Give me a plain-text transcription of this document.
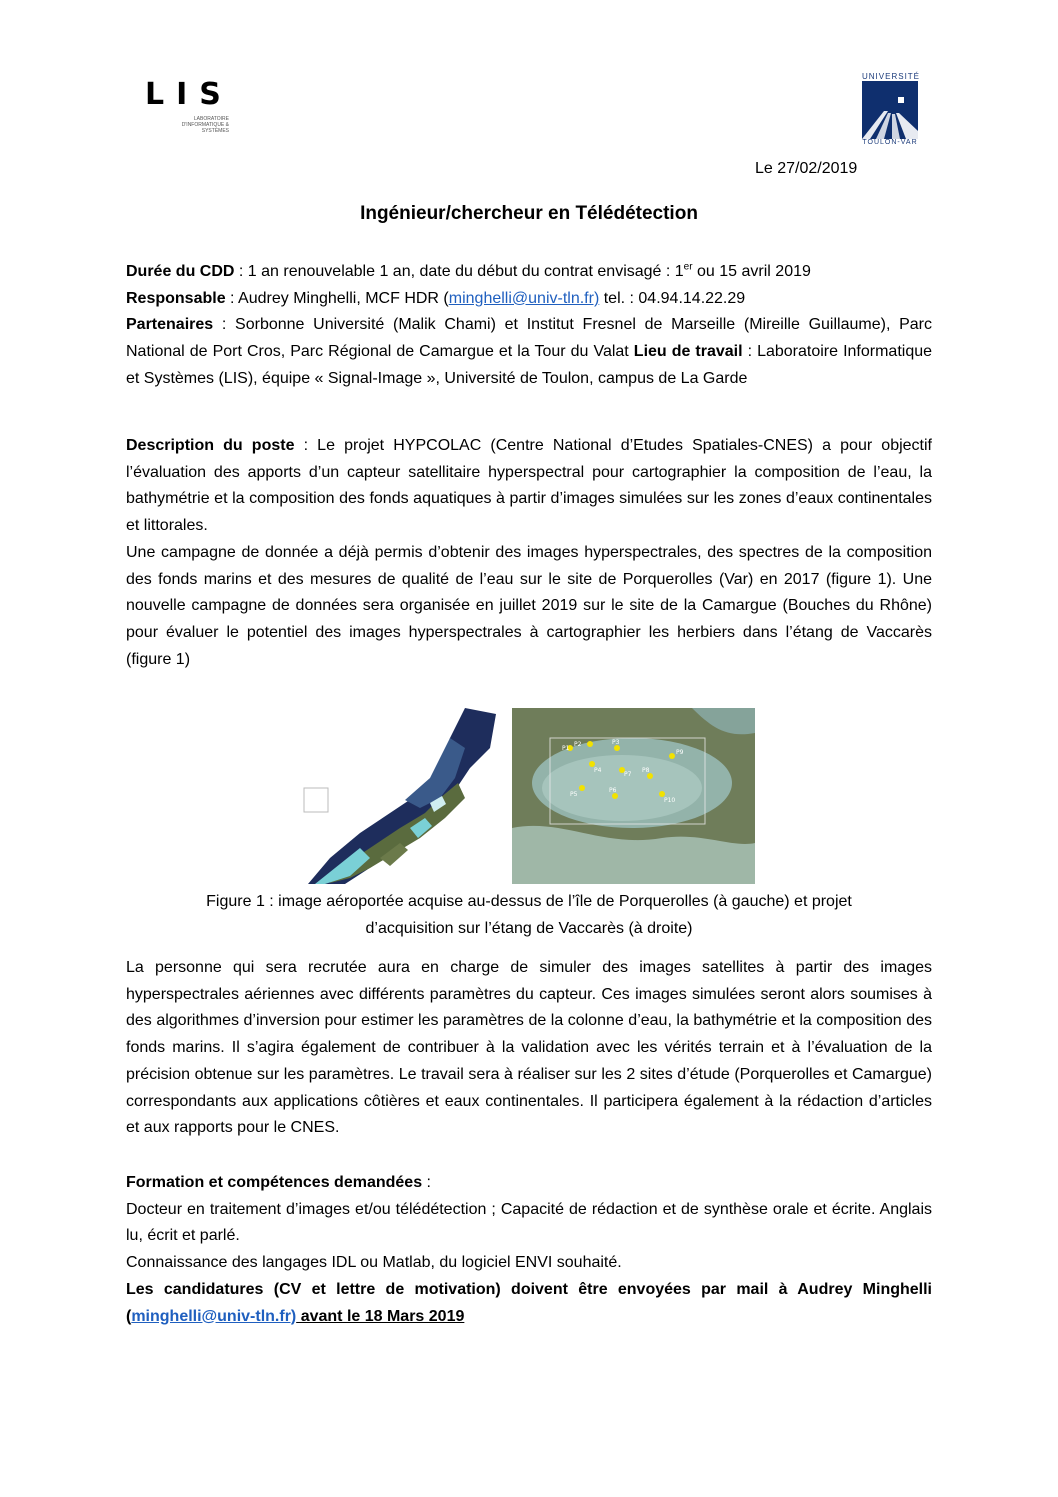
LIS
LABORATOIRE D'INFORMATIQUE & SYSTÈMES
UNIVERSITÉ
TOULON-VAR
Le 27/02/2019
Ingénieur/chercheur en Télédétection
Durée du CDD : 1 an renouvelable 1 an, date du début du contrat envisagé : 1er ou 15 avril 2019
Responsable : Audrey Minghelli, MCF HDR (minghelli@univ-tln.fr) tel. : 04.94.14.22.29
Partenaires : Sorbonne Université (Malik Chami) et Institut Fresnel de Marseille (Mireille Guillaume), Parc National de Port Cros, Parc Régional de Camargue et la Tour du Valat Lieu de travail : Laboratoire Informatique et Systèmes (LIS), équipe « Signal-Image », Université de Toulon, campus de La Garde
Description du poste : Le projet HYPCOLAC (Centre National d’Etudes Spatiales-CNES) a pour objectif l’évaluation des apports d’un capteur satellitaire hyperspectral pour cartographier la composition de l’eau, la bathymétrie et la composition des fonds aquatiques à partir d’images simulées sur les zones d’eaux continentales et littorales.
Une campagne de donnée a déjà permis d’obtenir des images hyperspectrales, des spectres de la composition des fonds marins et des mesures de qualité de l’eau sur le site de Porquerolles (Var) en 2017 (figure 1). Une nouvelle campagne de données sera organisée en juillet 2019 sur le site de la Camargue (Bouches du Rhône) pour évaluer le potentiel des images hyperspectrales à cartographier les herbiers dans l’étang de Vaccarès (figure 1)
P1
P2	P3
P4
P5
P6
P7
P8
P9
P10
Figure 1 : image aéroportée acquise au-dessus de l’île de Porquerolles (à gauche) et projet
d’acquisition sur l’étang de Vaccarès (à droite)
La personne qui sera recrutée aura en charge de simuler des images satellites à partir des images hyperspectrales aériennes avec différents paramètres du capteur. Ces images simulées seront alors soumises à des algorithmes d’inversion pour estimer les paramètres de la colonne d’eau, la bathymétrie et la composition des fonds marins. Il s’agira également de contribuer à la validation avec les vérités terrain et à l’évaluation de la précision obtenue sur les paramètres. Le travail sera à réaliser sur les 2 sites d’étude (Porquerolles et Camargue) correspondants aux applications côtières et eaux continentales. Il participera également à la rédaction d’articles et aux rapports pour le CNES.
Formation et compétences demandées :
Docteur en traitement d’images et/ou télédétection ; Capacité de rédaction et de synthèse orale et écrite. Anglais lu, écrit et parlé.
Connaissance des langages IDL ou Matlab, du logiciel ENVI souhaité.
Les candidatures (CV et lettre de motivation) doivent être envoyées par mail à Audrey Minghelli (minghelli@univ-tln.fr) avant le 18 Mars 2019
